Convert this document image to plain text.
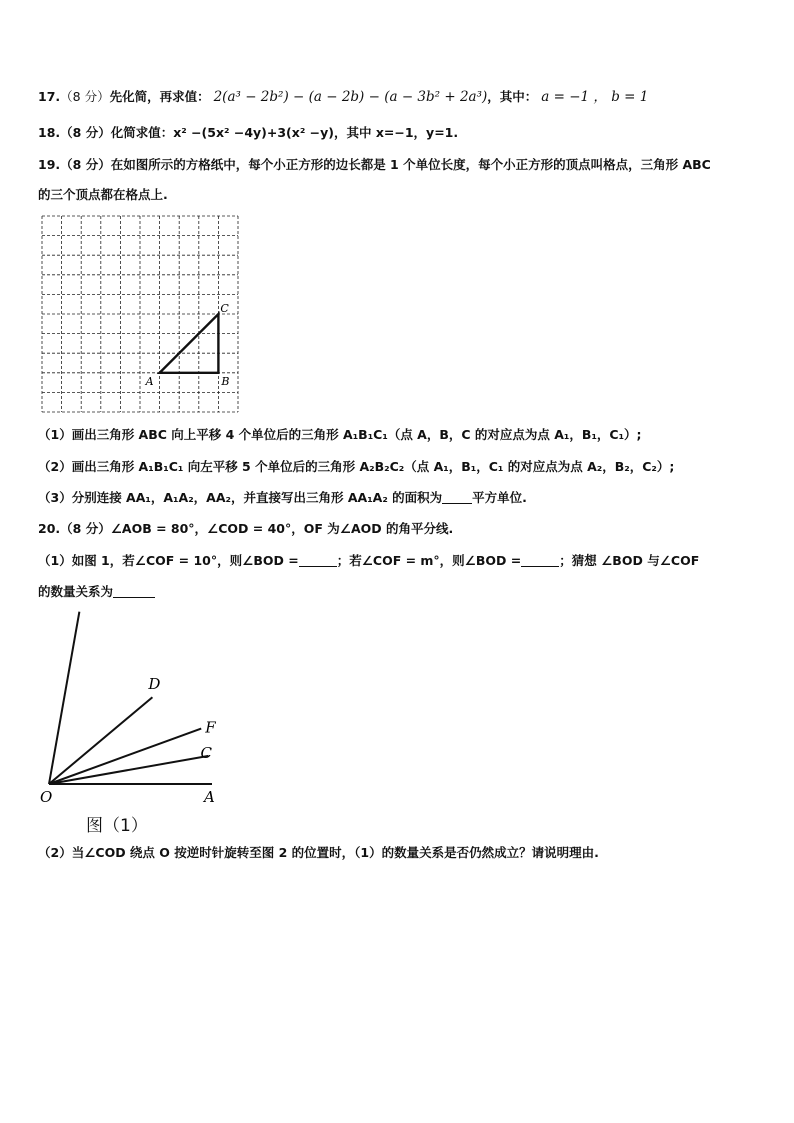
17.（8 分）先化简，再求值： 2(a³ − 2b²) − (a − 2b) − (a − 3b² + 2a³)，其中： a = −1 ， b = 1
18.（8 分）化简求值：x² −(5x² −4y)+3(x² −y)，其中 x=−1，y=1.
19.（8 分）在如图所示的方格纸中，每个小正方形的边长都是 1 个单位长度，每个小正方形的顶点叫格点，三角形 ABC
的三个顶点都在格点上.
A	B
C
（1）画出三角形 ABC 向上平移 4 个单位后的三角形 A₁B₁C₁（点 A，B，C 的对应点为点 A₁，B₁，C₁）;
（2）画出三角形 A₁B₁C₁ 向左平移 5 个单位后的三角形 A₂B₂C₂（点 A₁，B₁，C₁ 的对应点为点 A₂，B₂，C₂）;
（3）分别连接 AA₁，A₁A₂，AA₂，并直接写出三角形 AA₁A₂ 的面积为 平方单位.
20.（8 分）∠AOB = 80°，∠COD = 40°，OF 为∠AOD 的角平分线.
（1）如图 1，若∠COF = 10°，则∠BOD =	；若∠COF = m°，则∠BOD =	；猜想 ∠BOD 与∠COF
的数量关系为
O	A
C
F
D
图（1）
（2）当∠COD 绕点 O 按逆时针旋转至图 2 的位置时，（1）的数量关系是否仍然成立？请说明理由.
